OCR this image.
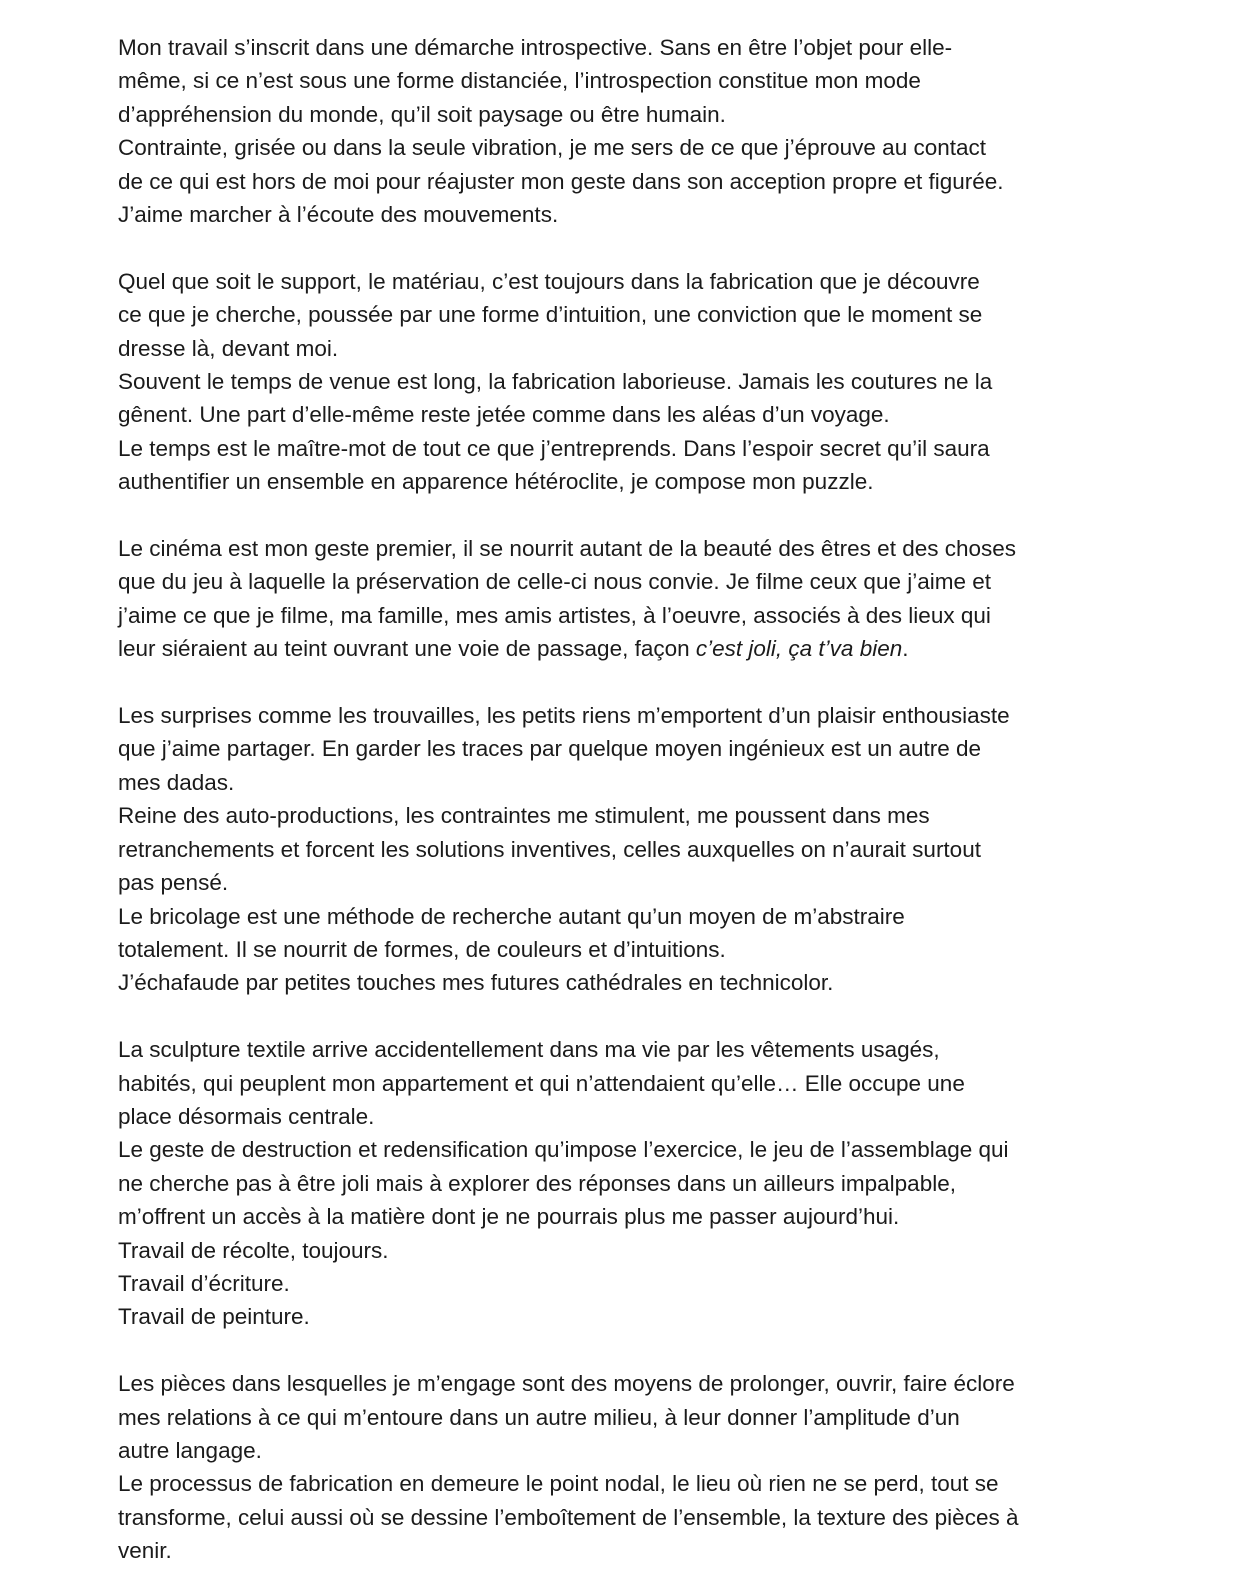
Mon travail s’inscrit dans une démarche introspective. Sans en être l’objet pour elle-
même, si ce n’est sous une forme distanciée, l’introspection constitue mon mode
d’appréhension du monde, qu’il soit paysage ou être humain.
Contrainte, grisée ou dans la seule vibration, je me sers de ce que j’éprouve au contact
de ce qui est hors de moi pour réajuster mon geste dans son acception propre et figurée.
J’aime marcher à l’écoute des mouvements.
Quel que soit le support, le matériau, c’est toujours dans la fabrication que je découvre
ce que je cherche, poussée par une forme d’intuition, une conviction que le moment se
dresse là, devant moi.
Souvent le temps de venue est long, la fabrication laborieuse. Jamais les coutures ne la
gênent. Une part d’elle-même reste jetée comme dans les aléas d’un voyage.
Le temps est le maître-mot de tout ce que j’entreprends. Dans l’espoir secret qu’il saura
authentifier un ensemble en apparence hétéroclite, je compose mon puzzle.
Le cinéma est mon geste premier, il se nourrit autant de la beauté des êtres et des choses
que du jeu à laquelle la préservation de celle-ci nous convie. Je filme ceux que j’aime et
j’aime ce que je filme, ma famille, mes amis artistes, à l’oeuvre, associés à des lieux qui
leur siéraient au teint ouvrant une voie de passage, façon c’est joli, ça t’va bien.
Les surprises comme les trouvailles, les petits riens m’emportent d’un plaisir enthousiaste
que j’aime partager. En garder les traces par quelque moyen ingénieux est un autre de
mes dadas.
Reine des auto-productions, les contraintes me stimulent, me poussent dans mes
retranchements et forcent les solutions inventives, celles auxquelles on n’aurait surtout
pas pensé.
Le bricolage est une méthode de recherche autant qu’un moyen de m’abstraire
totalement. Il se nourrit de formes, de couleurs et d’intuitions.
J’échafaude par petites touches mes futures cathédrales en technicolor.
La sculpture textile arrive accidentellement dans ma vie par les vêtements usagés,
habités, qui peuplent mon appartement et qui n’attendaient qu’elle… Elle occupe une
place désormais centrale.
Le geste de destruction et redensification qu’impose l’exercice, le jeu de l’assemblage qui
ne cherche pas à être joli mais à explorer des réponses dans un ailleurs impalpable,
m’offrent un accès à la matière dont je ne pourrais plus me passer aujourd’hui.
Travail de récolte, toujours.
Travail d’écriture.
Travail de peinture.
Les pièces dans lesquelles je m’engage sont des moyens de prolonger, ouvrir, faire éclore
mes relations à ce qui m’entoure dans un autre milieu, à leur donner l’amplitude d’un
autre langage.
Le processus de fabrication en demeure le point nodal, le lieu où rien ne se perd, tout se
transforme, celui aussi où se dessine l’emboîtement de l’ensemble, la texture des pièces à
venir.
